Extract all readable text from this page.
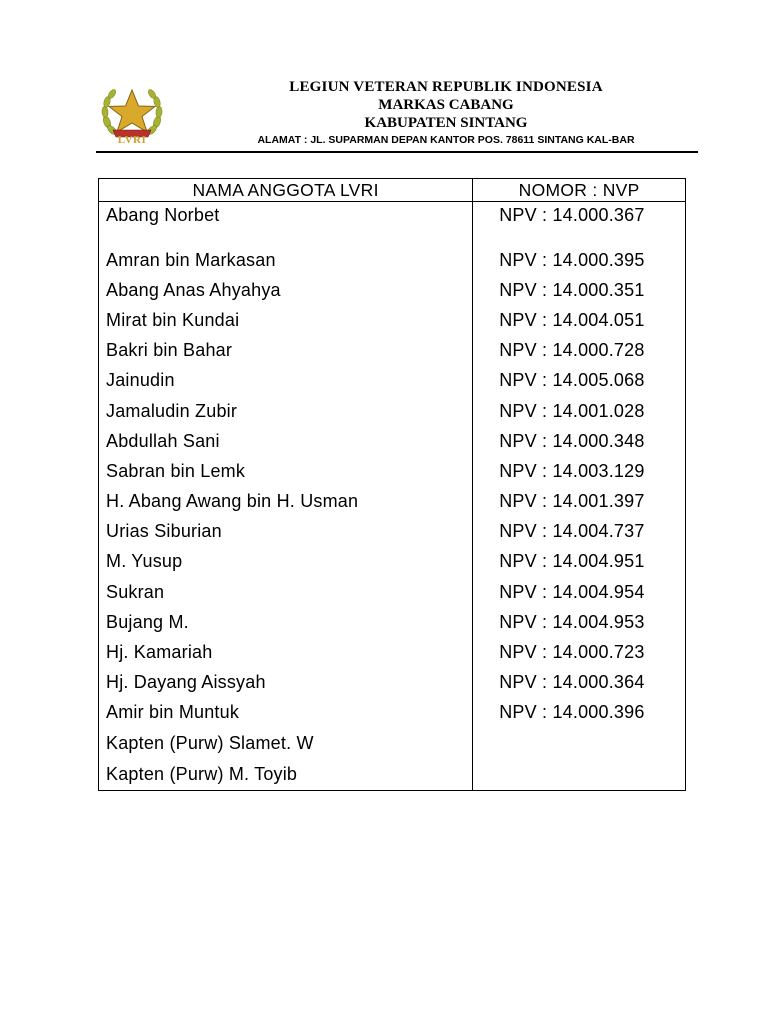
LVRI
LEGIUN VETERAN REPUBLIK INDONESIA
MARKAS CABANG
KABUPATEN SINTANG
ALAMAT : JL. SUPARMAN DEPAN KANTOR POS. 78611 SINTANG KAL-BAR
NAMA ANGGOTA LVRI	NOMOR : NVP
Abang Norbet	NPV : 14.000.367
Amran bin Markasan	NPV : 14.000.395
Abang Anas Ahyahya	NPV : 14.000.351
Mirat bin Kundai	NPV : 14.004.051
Bakri bin Bahar	NPV : 14.000.728
Jainudin	NPV : 14.005.068
Jamaludin Zubir	NPV : 14.001.028
Abdullah Sani	NPV : 14.000.348
Sabran bin Lemk	NPV : 14.003.129
H. Abang Awang bin H. Usman	NPV : 14.001.397
Urias Siburian	NPV : 14.004.737
M. Yusup	NPV : 14.004.951
Sukran	NPV : 14.004.954
Bujang M.	NPV : 14.004.953
Hj. Kamariah	NPV : 14.000.723
Hj. Dayang Aissyah	NPV : 14.000.364
Amir bin Muntuk	NPV : 14.000.396
Kapten (Purw) Slamet. W	
Kapten (Purw) M. Toyib	
